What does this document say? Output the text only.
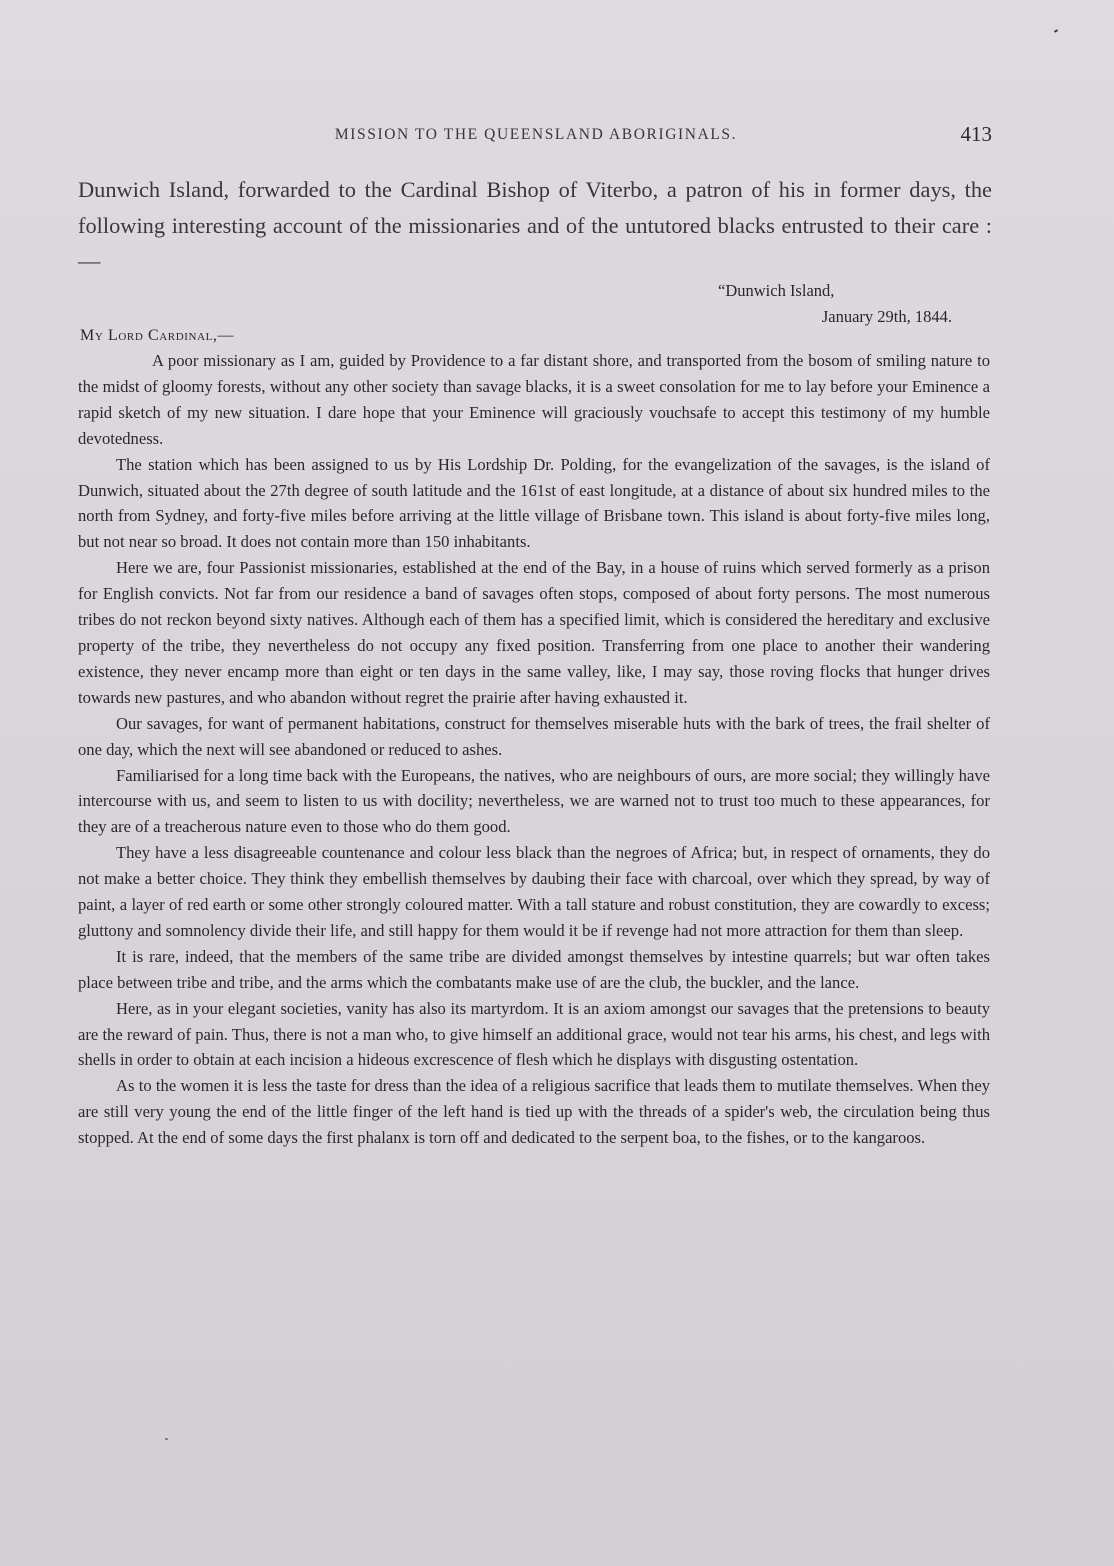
MISSION TO THE QUEENSLAND ABORIGINALS.	413
Dunwich Island, forwarded to the Cardinal Bishop of Viterbo, a patron of his in former days, the following interesting account of the missionaries and of the untutored blacks entrusted to their care :—
“Dunwich Island,
January 29th, 1844.
My Lord Cardinal,—

A poor missionary as I am, guided by Providence to a far distant shore, and transported from the bosom of smiling nature to the midst of gloomy forests, without any other society than savage blacks, it is a sweet consolation for me to lay before your Eminence a rapid sketch of my new situation. I dare hope that your Eminence will graciously vouchsafe to accept this testimony of my humble devotedness.

The station which has been assigned to us by His Lordship Dr. Polding, for the evangelization of the savages, is the island of Dunwich, situated about the 27th degree of south latitude and the 161st of east longitude, at a distance of about six hundred miles to the north from Sydney, and forty-five miles before arriving at the little village of Brisbane town. This island is about forty-five miles long, but not near so broad. It does not contain more than 150 inhabitants.

Here we are, four Passionist missionaries, established at the end of the Bay, in a house of ruins which served formerly as a prison for English convicts. Not far from our residence a band of savages often stops, composed of about forty persons. The most numerous tribes do not reckon beyond sixty natives. Although each of them has a specified limit, which is considered the hereditary and exclusive property of the tribe, they nevertheless do not occupy any fixed position. Transferring from one place to another their wandering existence, they never encamp more than eight or ten days in the same valley, like, I may say, those roving flocks that hunger drives towards new pastures, and who abandon without regret the prairie after having exhausted it.

Our savages, for want of permanent habitations, construct for themselves miserable huts with the bark of trees, the frail shelter of one day, which the next will see abandoned or reduced to ashes.

Familiarised for a long time back with the Europeans, the natives, who are neighbours of ours, are more social; they willingly have intercourse with us, and seem to listen to us with docility; nevertheless, we are warned not to trust too much to these appearances, for they are of a treacherous nature even to those who do them good.

They have a less disagreeable countenance and colour less black than the negroes of Africa; but, in respect of ornaments, they do not make a better choice. They think they embellish themselves by daubing their face with charcoal, over which they spread, by way of paint, a layer of red earth or some other strongly coloured matter. With a tall stature and robust constitution, they are cowardly to excess; gluttony and somnolency divide their life, and still happy for them would it be if revenge had not more attraction for them than sleep.

It is rare, indeed, that the members of the same tribe are divided amongst themselves by intestine quarrels; but war often takes place between tribe and tribe, and the arms which the combatants make use of are the club, the buckler, and the lance.

Here, as in your elegant societies, vanity has also its martyrdom. It is an axiom amongst our savages that the pretensions to beauty are the reward of pain. Thus, there is not a man who, to give himself an additional grace, would not tear his arms, his chest, and legs with shells in order to obtain at each incision a hideous excrescence of flesh which he displays with disgusting ostentation.

As to the women it is less the taste for dress than the idea of a religious sacrifice that leads them to mutilate themselves. When they are still very young the end of the little finger of the left hand is tied up with the threads of a spider's web, the circulation being thus stopped. At the end of some days the first phalanx is torn off and dedicated to the serpent boa, to the fishes, or to the kangaroos.
